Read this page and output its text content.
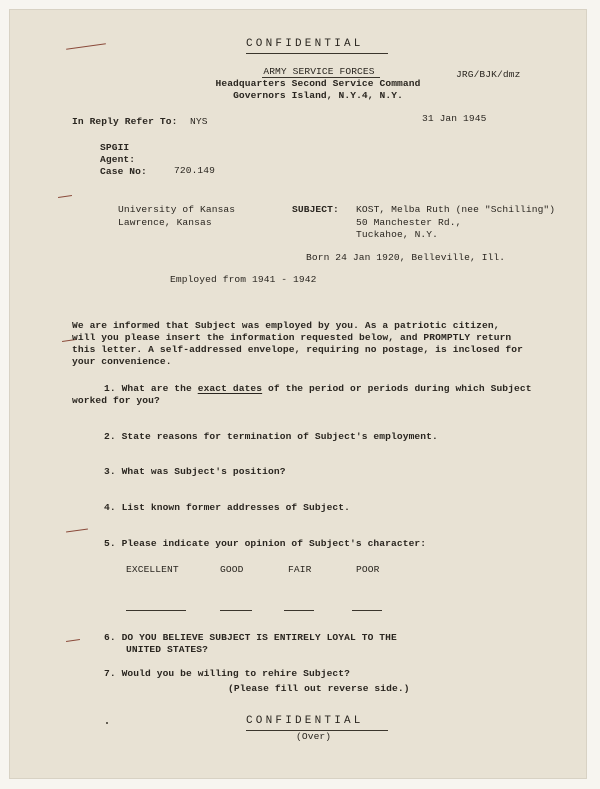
CONFIDENTIAL
ARMY SERVICE FORCES
Headquarters Second Service Command
Governors Island, N.Y.4, N.Y.
JRG/BJK/dmz
In Reply Refer To: NYS	31 Jan 1945
SPGII
Agent:
Case No:	720.149
University of Kansas
Lawrence, Kansas
SUBJECT: KOST, Melba Ruth (nee "Schilling")
50 Manchester Rd.,
Tuckahoe, N.Y.
Born 24 Jan 1920, Belleville, Ill.
Employed from 1941 - 1942
We are informed that Subject was employed by you. As a patriotic citizen,
will you please insert the information requested below, and PROMPTLY return
this letter. A self-addressed envelope, requiring no postage, is inclosed for
your convenience.
1. What are the exact dates of the period or periods during which Subject
worked for you?
2. State reasons for termination of Subject's employment.
3. What was Subject's position?
4. List known former addresses of Subject.
5. Please indicate your opinion of Subject's character:
EXCELLENT	GOOD	FAIR	POOR
6. DO YOU BELIEVE SUBJECT IS ENTIRELY LOYAL TO THE
UNITED STATES?
7. Would you be willing to rehire Subject?
(Please fill out reverse side.)
CONFIDENTIAL
(Over)
